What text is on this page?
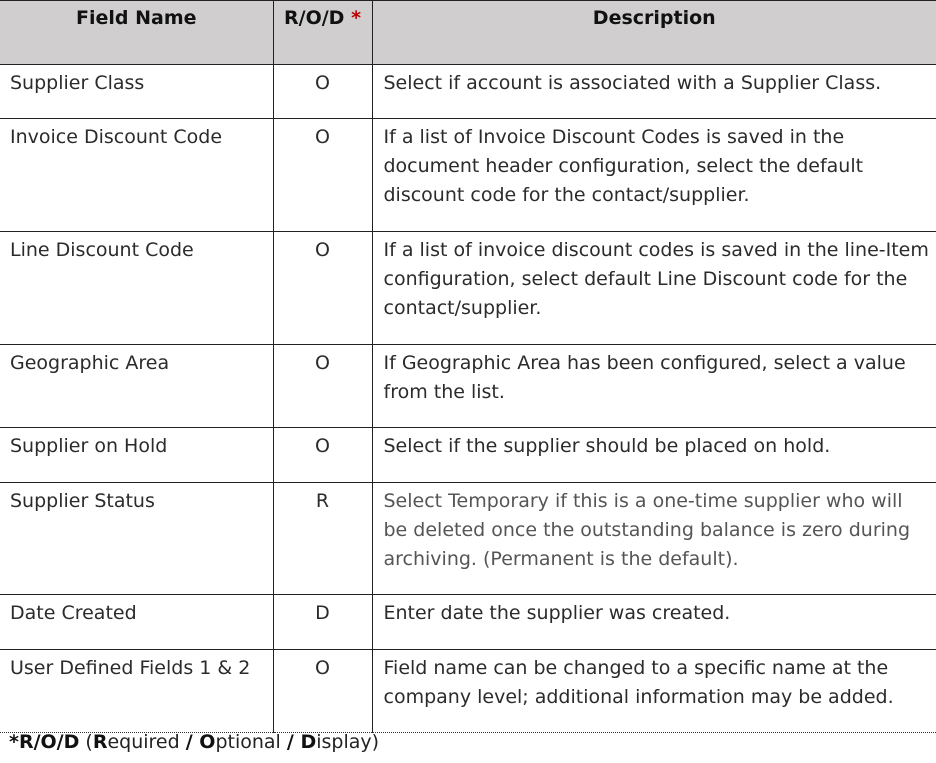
Field Name	R/O/D *	Description
Supplier Class	O	Select if account is associated with a Supplier Class.
Invoice Discount Code	O	If a list of Invoice Discount Codes is saved in the document header configuration, select the default discount code for the contact/supplier.
Line Discount Code	O	If a list of invoice discount codes is saved in the line-Item configuration, select default Line Discount code for the contact/supplier.
Geographic Area	O	If Geographic Area has been configured, select a value from the list.
Supplier on Hold	O	Select if the supplier should be placed on hold.
Supplier Status	R	Select Temporary if this is a one-time supplier who will be deleted once the outstanding balance is zero during archiving. (Permanent is the default).
Date Created	D	Enter date the supplier was created.
User Defined Fields 1 & 2	O	Field name can be changed to a specific name at the company level; additional information may be added.
*R/O/D (Required / Optional / Display)
